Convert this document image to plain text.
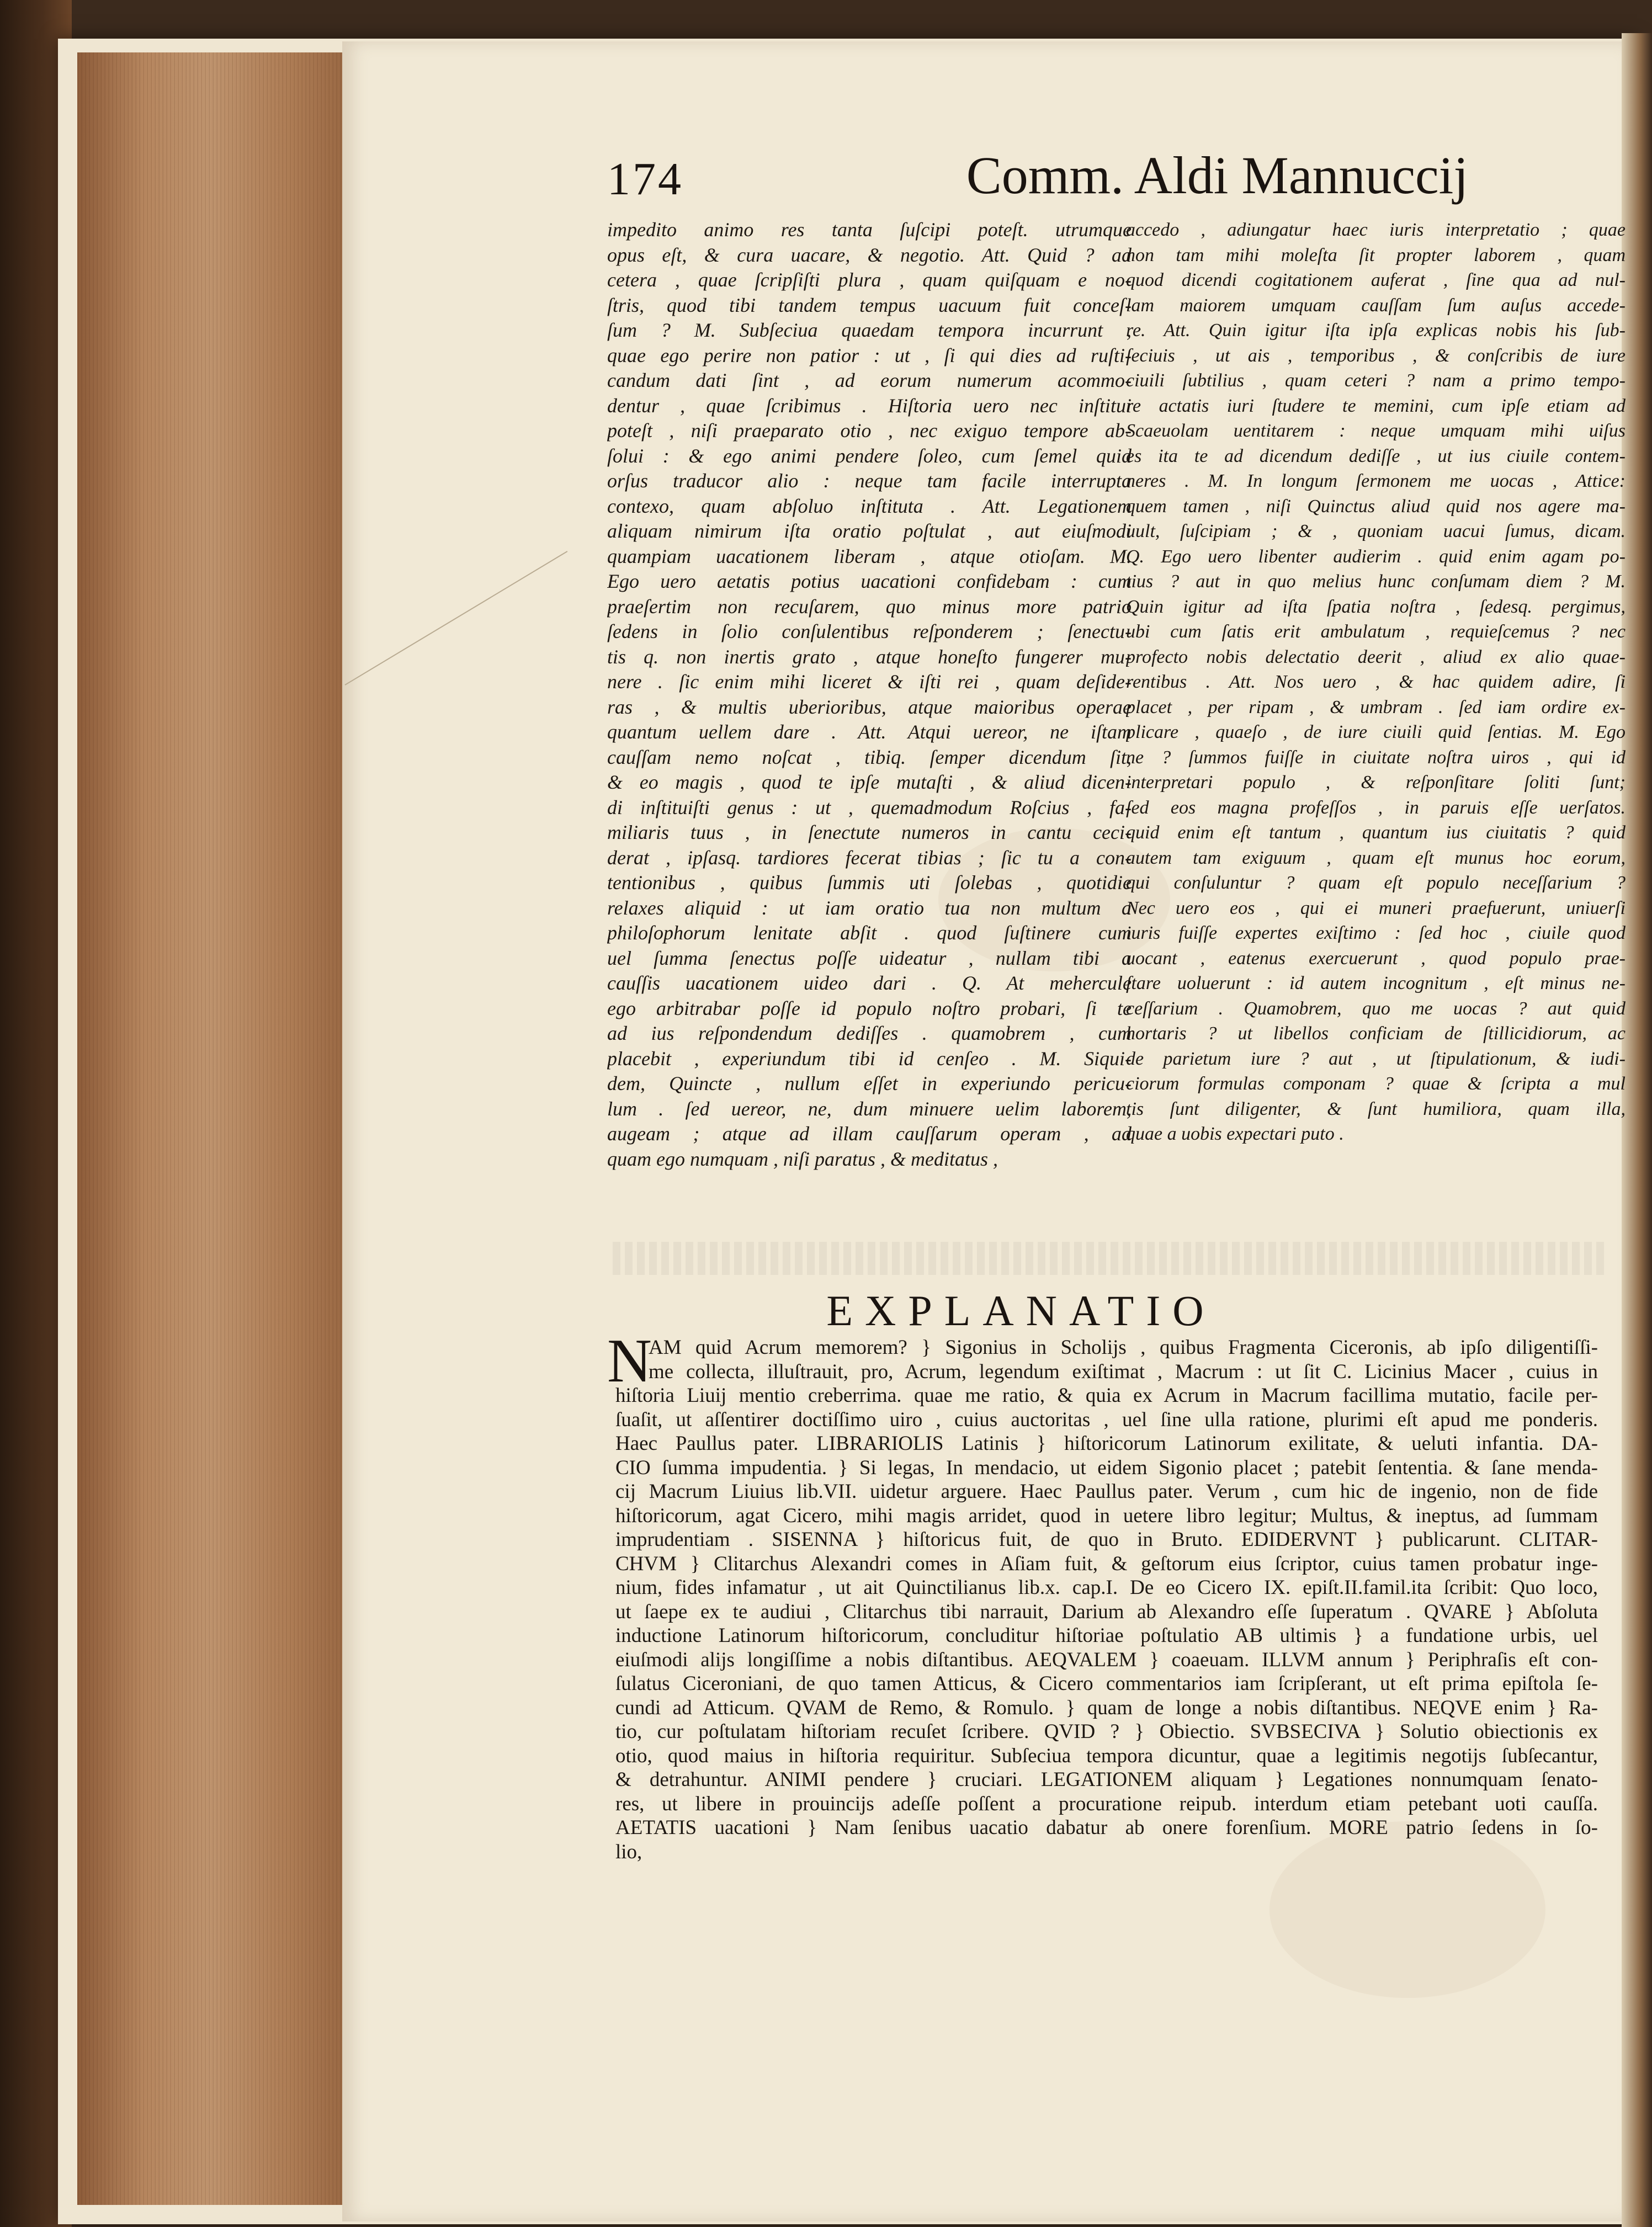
174	Comm. Aldi Mannuccij
impedito animo res tanta ſuſcipi poteſt. utrumque
opus eſt, & cura uacare, & negotio. Att. Quid ? ad
cetera , quae ſcripſiſti plura , quam quiſquam e no-
ſtris, quod tibi tandem tempus uacuum fuit conceſ-
ſum ? M. Subſeciua quaedam tempora incurrunt ,
quae ego perire non patior : ut , ſi qui dies ad ruſti-
candum dati ſint , ad eorum numerum acommo-
dentur , quae ſcribimus . Hiſtoria uero nec inſtitui
poteſt , niſi praeparato otio , nec exiguo tempore ab-
ſolui : & ego animi pendere ſoleo, cum ſemel quid
orſus traducor alio : neque tam facile interrupta
contexo, quam abſoluo inſtituta . Att. Legationem
aliquam nimirum iſta oratio poſtulat , aut eiuſmodi
quampiam uacationem liberam , atque otioſam. M.
Ego uero aetatis potius uacationi confidebam : cum
praeſertim non recuſarem, quo minus more patrio
ſedens in ſolio conſulentibus reſponderem ; ſenectu-
tis q. non inertis grato , atque honeſto fungerer mu-
nere . ſic enim mihi liceret & iſti rei , quam deſide-
ras , & multis uberioribus, atque maioribus operae
quantum uellem dare . Att. Atqui uereor, ne iſtam
cauſſam nemo noſcat , tibiq. ſemper dicendum ſit,
& eo magis , quod te ipſe mutaſti , & aliud dicen-
di inſtituiſti genus : ut , quemadmodum Roſcius , fa-
miliaris tuus , in ſenectute numeros in cantu ceci-
derat , ipſasq. tardiores fecerat tibias ; ſic tu a con-
tentionibus , quibus ſummis uti ſolebas , quotidie
relaxes aliquid : ut iam oratio tua non multum a
philoſophorum lenitate abſit . quod ſuſtinere cum
uel ſumma ſenectus poſſe uideatur , nullam tibi a
cauſſis uacationem uideo dari . Q. At mehercule
ego arbitrabar poſſe id populo noſtro probari, ſi te
ad ius reſpondendum dediſſes . quamobrem , cum
placebit , experiundum tibi id cenſeo . M. Siqui-
dem, Quincte , nullum eſſet in experiundo pericu-
lum . ſed uereor, ne, dum minuere uelim laborem,
augeam ; atque ad illam cauſſarum operam , ad
quam ego numquam , niſi paratus , & meditatus ,
accedo , adiungatur haec iuris interpretatio ; quae
non tam mihi moleſta ſit propter laborem , quam
quod dicendi cogitationem auferat , ſine qua ad nul-
lam maiorem umquam cauſſam ſum auſus accede-
re. Att. Quin igitur iſta ipſa explicas nobis his ſub-
ſeciuis , ut ais , temporibus , & conſcribis de iure
ciuili ſubtilius , quam ceteri ? nam a primo tempo-
re actatis iuri ſtudere te memini, cum ipſe etiam ad
Scaeuolam uentitarem : neque umquam mihi uiſus
es ita te ad dicendum dediſſe , ut ius ciuile contem-
neres . M. In longum ſermonem me uocas , Attice:
quem tamen , niſi Quinctus aliud quid nos agere ma-
uult, ſuſcipiam ; & , quoniam uacui ſumus, dicam.
Q. Ego uero libenter audierim . quid enim agam po-
tius ? aut in quo melius hunc conſumam diem ? M.
Quin igitur ad iſta ſpatia noſtra , ſedesq. pergimus,
ubi cum ſatis erit ambulatum , requieſcemus ? nec
profecto nobis delectatio deerit , aliud ex alio quae-
rentibus . Att. Nos uero , & hac quidem adire, ſi
placet , per ripam , & umbram . ſed iam ordire ex-
plicare , quaeſo , de iure ciuili quid ſentias. M. Ego
ne ? ſummos fuiſſe in ciuitate noſtra uiros , qui id
interpretari populo , & reſponſitare ſoliti ſunt;
ſed eos magna profeſſos , in paruis eſſe uerſatos.
quid enim eſt tantum , quantum ius ciuitatis ? quid
autem tam exiguum , quam eſt munus hoc eorum,
qui conſuluntur ? quam eſt populo neceſſarium ?
Nec uero eos , qui ei muneri praefuerunt, uniuerſi
iuris fuiſſe expertes exiſtimo : ſed hoc , ciuile quod
uocant , eatenus exercuerunt , quod populo prae-
ſtare uoluerunt : id autem incognitum , eſt minus ne-
ceſſarium . Quamobrem, quo me uocas ? aut quid
hortaris ? ut libellos conficiam de ſtillicidiorum, ac
de parietum iure ? aut , ut ſtipulationum, & iudi-
ciorum formulas componam ? quae & ſcripta a mul
tis ſunt diligenter, & ſunt humiliora, quam illa,
quae a uobis expectari puto .
EXPLANATIO
N
AM quid Acrum memorem? } Sigonius in Scholijs , quibus Fragmenta Ciceronis, ab ipſo diligentiſſi-
me collecta, illuſtrauit, pro, Acrum, legendum exiſtimat , Macrum : ut ſit C. Licinius Macer , cuius in
hiſtoria Liuij mentio creberrima. quae me ratio, & quia ex Acrum in Macrum facillima mutatio, facile per-
ſuaſit, ut aſſentirer doctiſſimo uiro , cuius auctoritas , uel ſine ulla ratione, plurimi eſt apud me ponderis.
Haec Paullus pater. LIBRARIOLIS Latinis } hiſtoricorum Latinorum exilitate, & ueluti infantia. DA-
CIO ſumma impudentia. } Si legas, In mendacio, ut eidem Sigonio placet ; patebit ſententia. & ſane menda-
cij Macrum Liuius lib.VII. uidetur arguere. Haec Paullus pater. Verum , cum hic de ingenio, non de fide
hiſtoricorum, agat Cicero, mihi magis arridet, quod in uetere libro legitur; Multus, & ineptus, ad ſummam
imprudentiam . SISENNA } hiſtoricus fuit, de quo in Bruto. EDIDERVNT } publicarunt. CLITAR-
CHVM } Clitarchus Alexandri comes in Aſiam fuit, & geſtorum eius ſcriptor, cuius tamen probatur inge-
nium, fides infamatur , ut ait Quinctilianus lib.x. cap.I. De eo Cicero IX. epiſt.II.famil.ita ſcribit: Quo loco,
ut ſaepe ex te audiui , Clitarchus tibi narrauit, Darium ab Alexandro eſſe ſuperatum . QVARE } Abſoluta
inductione Latinorum hiſtoricorum, concluditur hiſtoriae poſtulatio AB ultimis } a fundatione urbis, uel
eiuſmodi alijs longiſſime a nobis diſtantibus. AEQVALEM } coaeuam. ILLVM annum } Periphraſis eſt con-
ſulatus Ciceroniani, de quo tamen Atticus, & Cicero commentarios iam ſcripſerant, ut eſt prima epiſtola ſe-
cundi ad Atticum. QVAM de Remo, & Romulo. } quam de longe a nobis diſtantibus. NEQVE enim } Ra-
tio, cur poſtulatam hiſtoriam recuſet ſcribere. QVID ? } Obiectio. SVBSECIVA } Solutio obiectionis ex
otio, quod maius in hiſtoria requiritur. Subſeciua tempora dicuntur, quae a legitimis negotijs ſubſecantur,
& detrahuntur. ANIMI pendere } cruciari. LEGATIONEM aliquam } Legationes nonnumquam ſenato-
res, ut libere in prouincijs adeſſe poſſent a procuratione reipub. interdum etiam petebant uoti cauſſa.
AETATIS uacationi } Nam ſenibus uacatio dabatur ab onere forenſium. MORE patrio ſedens in ſo-
lio,
